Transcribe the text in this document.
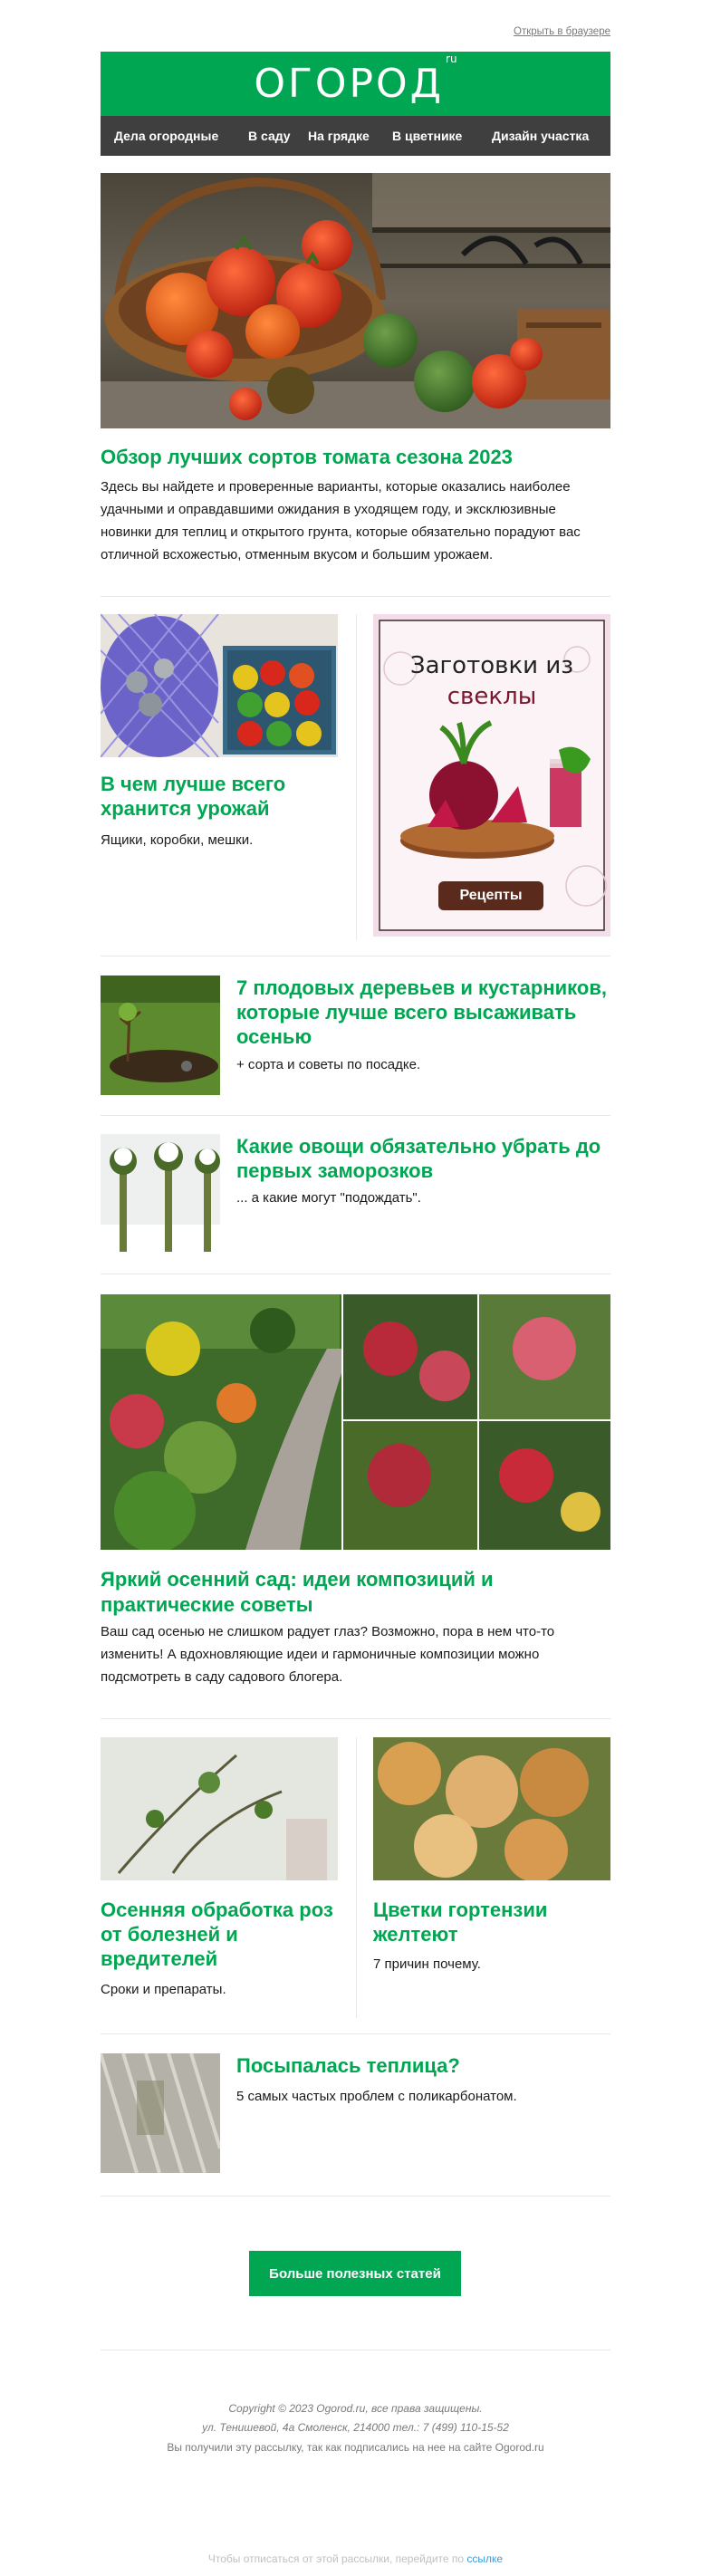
Открыть в браузере
$ОГОРОД^{ru}$
Дела огородные В саду На грядке В цветнике Дизайн участка
Обзор лучших сортов томата сезона 2023
Здесь вы найдете и проверенные варианты, которые оказались наиболее удачными и оправдавшими ожидания в уходящем году, и эксклюзивные новинки для теплиц и открытого грунта, которые обязательно порадуют вас отличной всхожестью, отменным вкусом и большим урожаем.
В чем лучше всего хранится урожай
Ящики, коробки, мешки.
Заготовки из
свеклы
Рецепты
7 плодовых деревьев и кустарников, которые лучше всего высаживать осенью
+ сорта и советы по посадке.
Какие овощи обязательно убрать до первых заморозков
... а какие могут "подождать".
Яркий осенний сад: идеи композиций и практические советы
Ваш сад осенью не слишком радует глаз? Возможно, пора в нем что-то изменить! А вдохновляющие идеи и гармоничные композиции можно подсмотреть в саду садового блогера.
Осенняя обработка роз от болезней и вредителей
Сроки и препараты.
Цветки гортензии желтеют
7 причин почему.
Посыпалась теплица?
5 самых частых проблем с поликарбонатом.
Больше полезных статей
Copyright © 2023 Ogorod.ru, все права защищены.
ул. Тенишевой, 4а Смоленск, 214000 тел.: 7 (499) 110-15-52
Вы получили эту рассылку, так как подписались на нее на сайте Ogorod.ru
Чтобы отписаться от этой рассылки, перейдите по ссылке
